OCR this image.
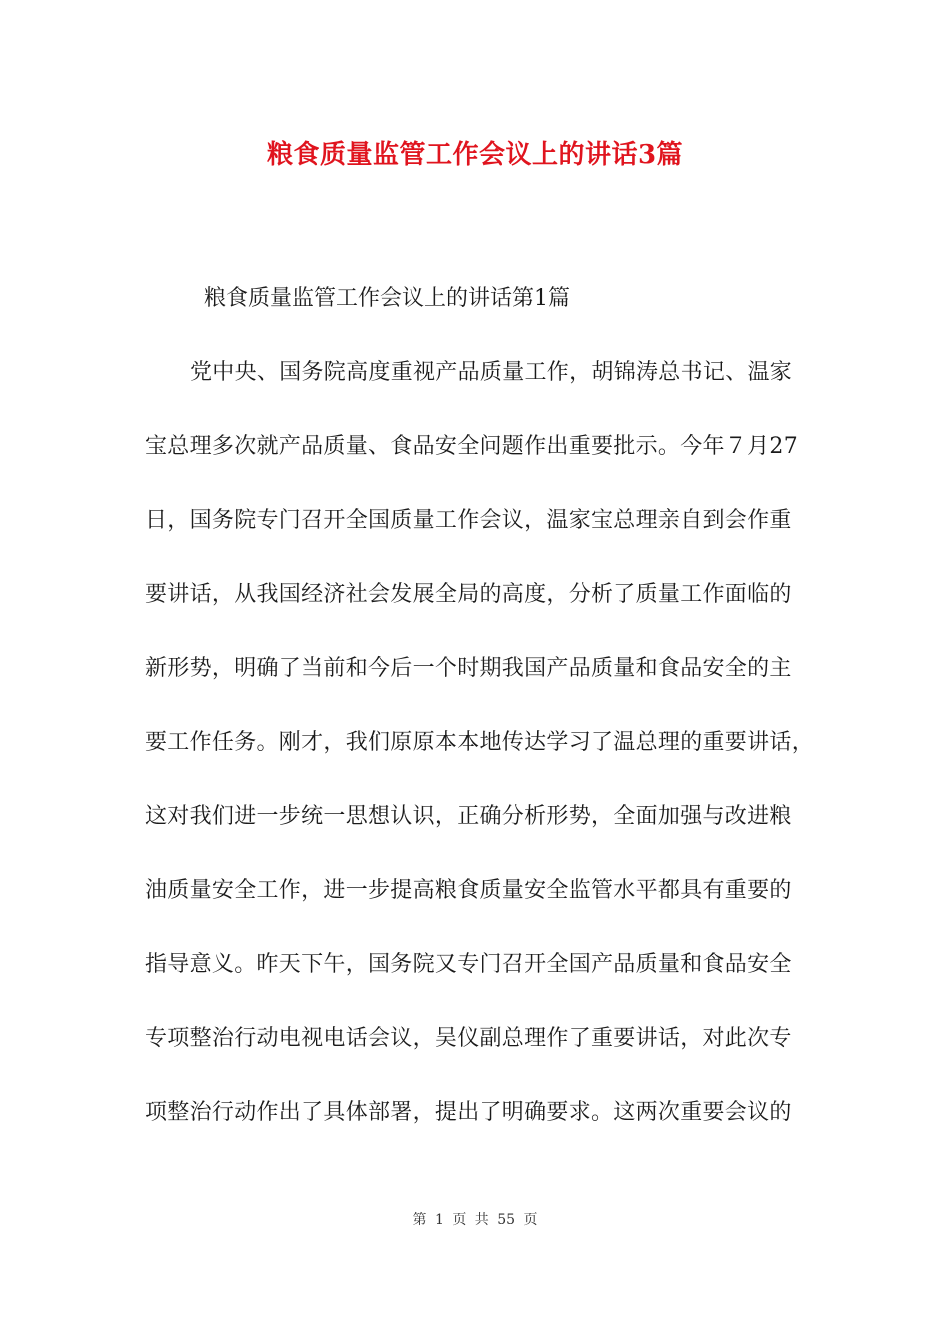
粮食质量监管工作会议上的讲话3篇
粮食质量监管工作会议上的讲话第1篇
党中央、国务院高度重视产品质量工作，胡锦涛总书记、温家
宝总理多次就产品质量、食品安全问题作出重要批示。今年７月27
日，国务院专门召开全国质量工作会议，温家宝总理亲自到会作重
要讲话，从我国经济社会发展全局的高度，分析了质量工作面临的
新形势，明确了当前和今后一个时期我国产品质量和食品安全的主
要工作任务。刚才，我们原原本本地传达学习了温总理的重要讲话，
这对我们进一步统一思想认识，正确分析形势，全面加强与改进粮
油质量安全工作，进一步提高粮食质量安全监管水平都具有重要的
指导意义。昨天下午，国务院又专门召开全国产品质量和食品安全
专项整治行动电视电话会议，吴仪副总理作了重要讲话，对此次专
项整治行动作出了具体部署，提出了明确要求。这两次重要会议的
第 1 页 共 55 页
